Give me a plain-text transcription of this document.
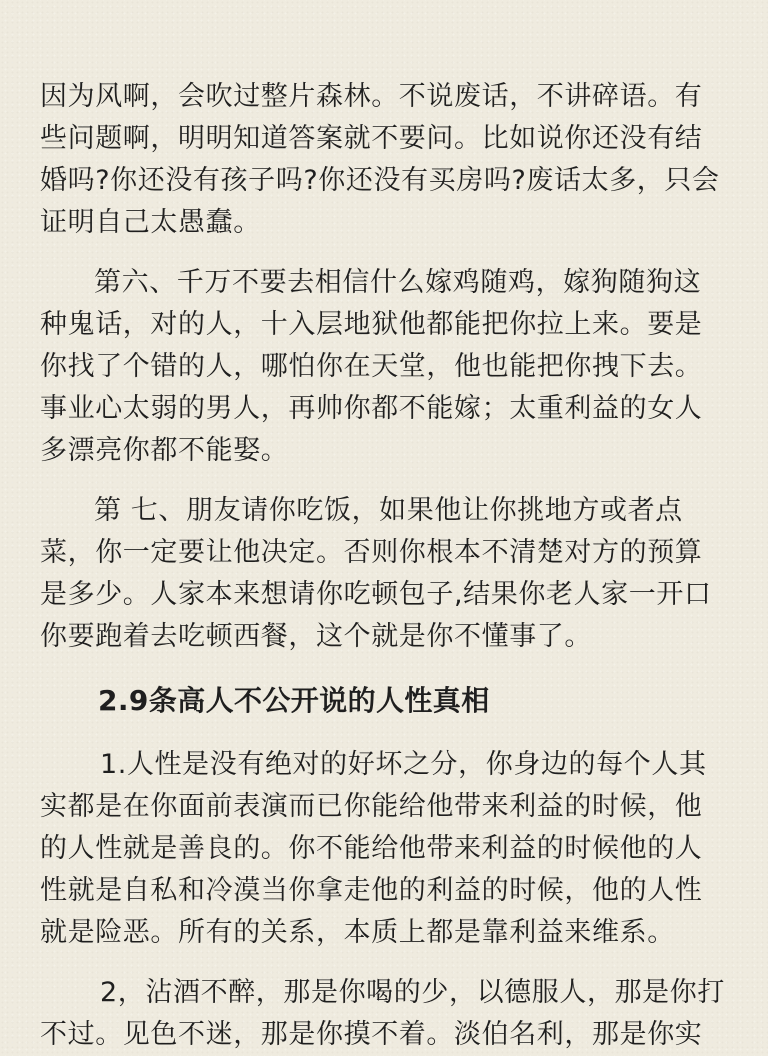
因为风啊，会吹过整片森林。不说废话，不讲碎语。有些问题啊，明明知道答案就不要问。比如说你还没有结婚吗?你还没有孩子吗?你还没有买房吗?废话太多，只会证明自己太愚蠢。

第六、千万不要去相信什么嫁鸡随鸡，嫁狗随狗这种鬼话，对的人，十入层地狱他都能把你拉上来。要是你找了个错的人，哪怕你在天堂，他也能把你拽下去。事业心太弱的男人，再帅你都不能嫁；太重利益的女人多漂亮你都不能娶。

第 七、朋友请你吃饭，如果他让你挑地方或者点菜，你一定要让他决定。否则你根本不清楚对方的预算是多少。人家本来想请你吃顿包子,结果你老人家一开口你要跑着去吃顿西餐，这个就是你不懂事了。

2.9条高人不公开说的人性真相

1.人性是没有绝对的好坏之分，你身边的每个人其实都是在你面前表演而已你能给他带来利益的时候，他的人性就是善良的。你不能给他带来利益的时候他的人性就是自私和冷漠当你拿走他的利益的时候，他的人性就是险恶。所有的关系，本质上都是靠利益来维系。

2，沾酒不醉，那是你喝的少，以德服人，那是你打不过。见色不迷，那是你摸不着。淡伯名利，那是你实
